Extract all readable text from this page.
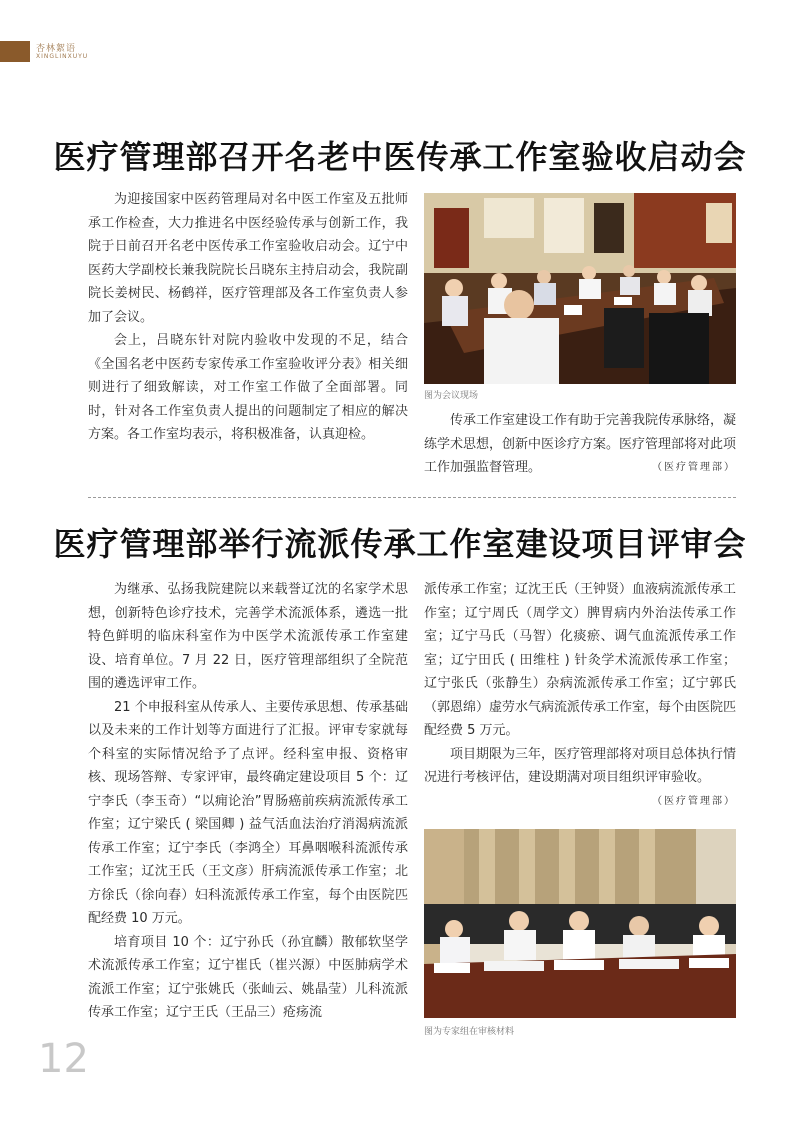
杏林絮语
XINGLINXUYU
医疗管理部召开名老中医传承工作室验收启动会

为迎接国家中医药管理局对名中医工作室及五批师承工作检查，大力推进名中医经验传承与创新工作，我院于日前召开名老中医传承工作室验收启动会。辽宁中医药大学副校长兼我院院长吕晓东主持启动会，我院副院长姜树民、杨鹤祥，医疗管理部及各工作室负责人参加了会议。

会上，吕晓东针对院内验收中发现的不足，结合《全国名老中医药专家传承工作室验收评分表》相关细则进行了细致解读，对工作室工作做了全面部署。同时，针对各工作室负责人提出的问题制定了相应的解决方案。各工作室均表示，将积极准备，认真迎检。

图为会议现场

传承工作室建设工作有助于完善我院传承脉络，凝练学术思想，创新中医诊疗方案。医疗管理部将对此项工作加强监督管理。	（医疗管理部）

医疗管理部举行流派传承工作室建设项目评审会

为继承、弘扬我院建院以来载誉辽沈的名家学术思想，创新特色诊疗技术，完善学术流派体系，遴选一批特色鲜明的临床科室作为中医学术流派传承工作室建设、培育单位。7 月 22 日，医疗管理部组织了全院范围的遴选评审工作。

21 个申报科室从传承人、主要传承思想、传承基础以及未来的工作计划等方面进行了汇报。评审专家就每个科室的实际情况给予了点评。经科室申报、资格审核、现场答辩、专家评审，最终确定建设项目 5 个：辽宁李氏（李玉奇）“以痈论治”胃肠癌前疾病流派传承工作室；辽宁梁氏 ( 梁国卿 ) 益气活血法治疗消渴病流派传承工作室；辽宁李氏（李鸿全）耳鼻咽喉科流派传承工作室；辽沈王氏（王文彦）肝病流派传承工作室；北方徐氏（徐向春）妇科流派传承工作室，每个由医院匹配经费 10 万元。

培育项目 10 个：辽宁孙氏（孙宜麟）散郁软坚学术流派传承工作室；辽宁崔氏（崔兴源）中医肺病学术流派工作室；辽宁张姚氏（张屾云、姚晶莹）儿科流派传承工作室；辽宁王氏（王品三）疮疡流

派传承工作室；辽沈王氏（王钟贤）血液病流派传承工作室；辽宁周氏（周学文）脾胃病内外治法传承工作室；辽宁马氏（马智）化痰瘀、调气血流派传承工作室；辽宁田氏 ( 田维柱 ) 针灸学术流派传承工作室；辽宁张氏（张静生）杂病流派传承工作室；辽宁郭氏（郭恩绵）虚劳水气病流派传承工作室，每个由医院匹配经费 5 万元。

项目期限为三年，医疗管理部将对项目总体执行情况进行考核评估，建设期满对项目组织评审验收。
（医疗管理部）

图为专家组在审核材料
12
